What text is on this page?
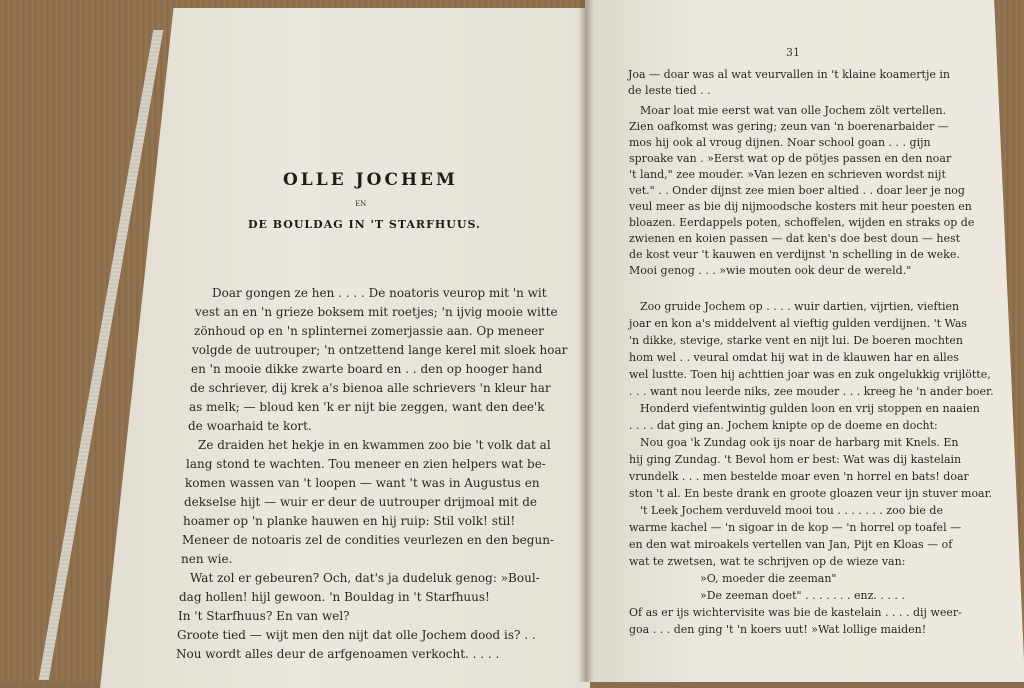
OLLE JOCHEM
EN
DE BOULDAG IN 'T STARFHUUS.
Doar gongen ze hen . . . . De noatoris veurop mit 'n wit
vest an en 'n grieze boksem mit roetjes; 'n ijvig mooie witte
zönhoud op en 'n splinternei zomerjassie aan. Op meneer
volgde de uutrouper; 'n ontzettend lange kerel mit sloek hoar
en 'n mooie dikke zwarte board en . . den op hooger hand
de schriever, dij krek a's bienoa alle schrievers 'n kleur har
as melk; — bloud ken 'k er nijt bie zeggen, want den dee'k
de woarhaid te kort.
Ze draiden het hekje in en kwammen zoo bie 't volk dat al
lang stond te wachten. Tou meneer en zien helpers wat be-
komen wassen van 't loopen — want 't was in Augustus en
dekselse hijt — wuir er deur de uutrouper drijmoal mit de
hoamer op 'n planke hauwen en hij ruip: Stil volk! stil!
Meneer de notoaris zel de condities veurlezen en den begun-
nen wie.
Wat zol er gebeuren? Och, dat's ja dudeluk genog: »Boul-
dag hollen! hijl gewoon. 'n Bouldag in 't Starfhuus!
In 't Starfhuus? En van wel?
Groote tied — wijt men den nijt dat olle Jochem dood is? . .
Nou wordt alles deur de arfgenoamen verkocht. . . . .
31
Joa — doar was al wat veurvallen in 't klaine koamertje in
de leste tied . .
Moar loat mie eerst wat van olle Jochem zölt vertellen.
Zien oafkomst was gering; zeun van 'n boerenarbaider —
mos hij ook al vroug dijnen. Noar school goan . . . gijn
sproake van . »Eerst wat op de pötjes passen en den noar
't land," zee mouder. »Van lezen en schrieven wordst nijt
vet." . . Onder dijnst zee mien boer altied . . doar leer je nog
veul meer as bie dij nijmoodsche kosters mit heur poesten en
bloazen. Eerdappels poten, schoffelen, wijden en straks op de
zwienen en koien passen — dat ken's doe best doun — hest
de kost veur 't kauwen en verdijnst 'n schelling in de weke.
Mooi genog . . . »wie mouten ook deur de wereld."
Zoo gruide Jochem op . . . . wuir dartien, vijrtien, vieftien
joar en kon a's middelvent al vieftig gulden verdijnen. 't Was
'n dikke, stevige, starke vent en nijt lui. De boeren mochten
hom wel . . veural omdat hij wat in de klauwen har en alles
wel lustte. Toen hij achttien joar was en zuk ongelukkig vrijlötte,
. . . want nou leerde niks, zee mouder . . . kreeg he 'n ander boer.
Honderd viefentwintig gulden loon en vrij stoppen en naaien
. . . . dat ging an. Jochem knipte op de doeme en docht:
Nou goa 'k Zundag ook ijs noar de harbarg mit Knels. En
hij ging Zundag. 't Bevol hom er best: Wat was dij kastelain
vrundelk . . . men bestelde moar even 'n horrel en bats! doar
ston 't al. En beste drank en groote gloazen veur ijn stuver moar.
't Leek Jochem verduveld mooi tou . . . . . . . zoo bie de
warme kachel — 'n sigoar in de kop — 'n horrel op toafel —
en den wat miroakels vertellen van Jan, Pijt en Kloas — of
wat te zwetsen, wat te schrijven op de wieze van:
»O, moeder die zeeman"
»De zeeman doet" . . . . . . . enz. . . . .
Of as er ijs wichtervisite was bie de kastelain . . . . dij weer-
goa . . . den ging 't 'n koers uut! »Wat lollige maiden!
